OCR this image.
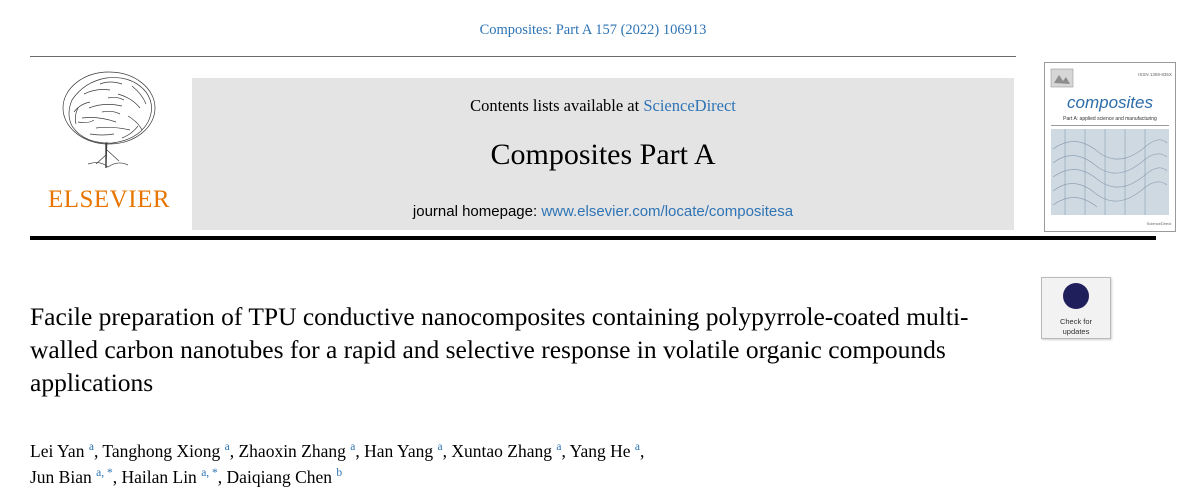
Composites: Part A 157 (2022) 106913
ELSEVIER
Contents lists available at ScienceDirect
Composites Part A
journal homepage: www.elsevier.com/locate/compositesa
ISSN 1359-835X
composites
Part A: applied science and manufacturing
ScienceDirect
Check for
updates
Facile preparation of TPU conductive nanocomposites containing polypyrrole-coated multi-walled carbon nanotubes for a rapid and selective response in volatile organic compounds applications
Lei Yan $^a$, Tanghong Xiong $^a$, Zhaoxin Zhang $^a$, Han Yang $^a$, Xuntao Zhang $^a$, Yang He $^a$,
Jun Bian $^{a, *}$, Hailan Lin $^{a, *}$, Daiqiang Chen $^b$
